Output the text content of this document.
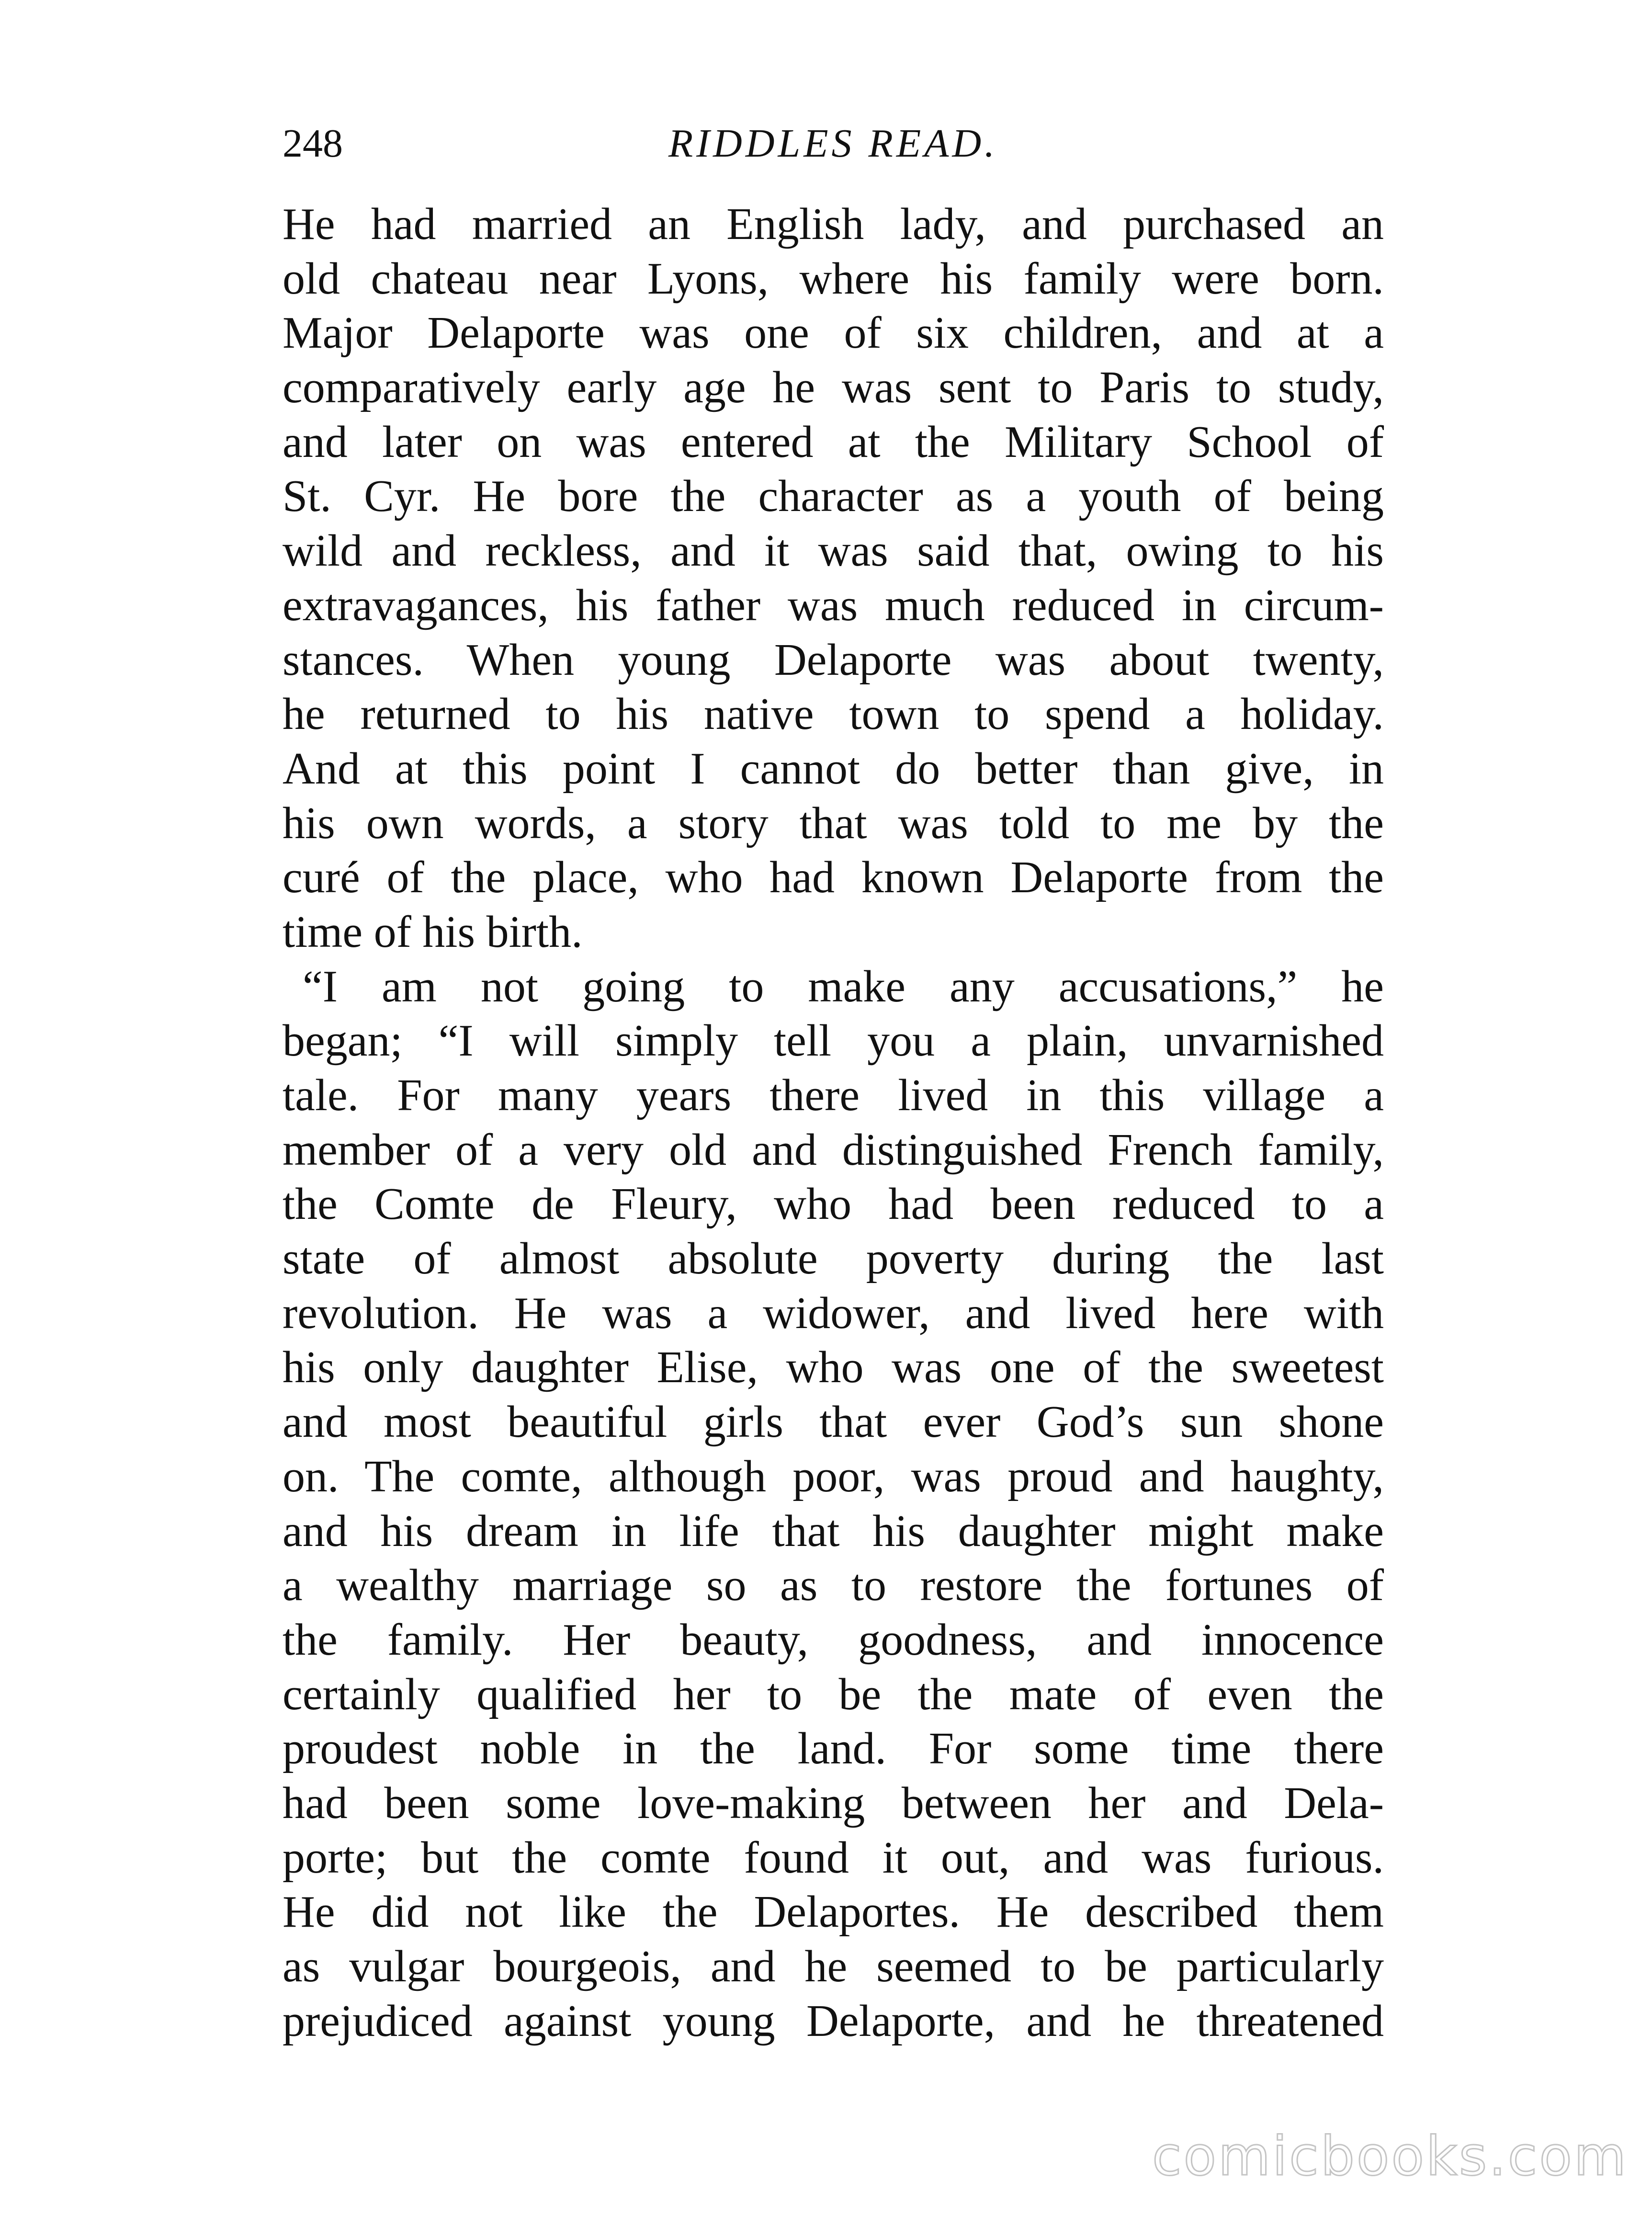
248	RIDDLES READ.
He had married an English lady, and purchased an
old chateau near Lyons, where his family were born.
Major Delaporte was one of six children, and at a
comparatively early age he was sent to Paris to study,
and later on was entered at the Military School of
St. Cyr. He bore the character as a youth of being
wild and reckless, and it was said that, owing to his
extravagances, his father was much reduced in circum-
stances. When young Delaporte was about twenty,
he returned to his native town to spend a holiday.
And at this point I cannot do better than give, in
his own words, a story that was told to me by the
curé of the place, who had known Delaporte from the
time of his birth.
“I am not going to make any accusations,” he
began; “I will simply tell you a plain, unvarnished
tale. For many years there lived in this village a
member of a very old and distinguished French family,
the Comte de Fleury, who had been reduced to a
state of almost absolute poverty during the last
revolution. He was a widower, and lived here with
his only daughter Elise, who was one of the sweetest
and most beautiful girls that ever God’s sun shone
on. The comte, although poor, was proud and haughty,
and his dream in life that his daughter might make
a wealthy marriage so as to restore the fortunes of
the family. Her beauty, goodness, and innocence
certainly qualified her to be the mate of even the
proudest noble in the land. For some time there
had been some love-making between her and Dela-
porte; but the comte found it out, and was furious.
He did not like the Delaportes. He described them
as vulgar bourgeois, and he seemed to be particularly
prejudiced against young Delaporte, and he threatened
comicbooks.com
